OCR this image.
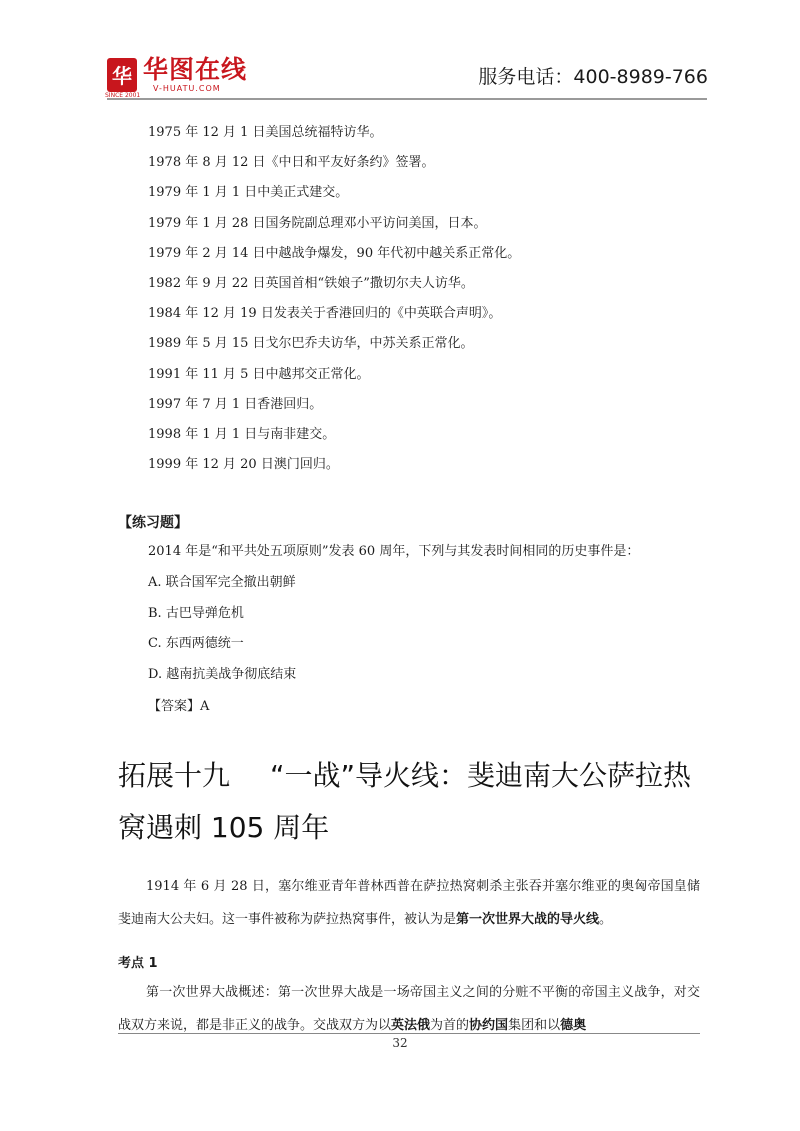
华
SINCE 2001
华图在线
V-HUATU.COM
服务电话：400-8989-766
1975 年 12 月 1 日美国总统福特访华。
1978 年 8 月 12 日《中日和平友好条约》签署。
1979 年 1 月 1 日中美正式建交。
1979 年 1 月 28 日国务院副总理邓小平访问美国，日本。
1979 年 2 月 14 日中越战争爆发，90 年代初中越关系正常化。
1982 年 9 月 22 日英国首相“铁娘子”撒切尔夫人访华。
1984 年 12 月 19 日发表关于香港回归的《中英联合声明》。
1989 年 5 月 15 日戈尔巴乔夫访华，中苏关系正常化。
1991 年 11 月 5 日中越邦交正常化。
1997 年 7 月 1 日香港回归。
1998 年 1 月 1 日与南非建交。
1999 年 12 月 20 日澳门回归。
【练习题】
2014 年是“和平共处五项原则”发表 60 周年，下列与其发表时间相同的历史事件是：
A. 联合国军完全撤出朝鲜
B. 古巴导弹危机
C. 东西两德统一
D. 越南抗美战争彻底结束
【答案】A
拓展十九 “一战”导火线：斐迪南大公萨拉热窝遇刺 105 周年
1914 年 6 月 28 日，塞尔维亚青年普林西普在萨拉热窝刺杀主张吞并塞尔维亚的奥匈帝国皇储斐迪南大公夫妇。这一事件被称为萨拉热窝事件，被认为是第一次世界大战的导火线。
考点 1
第一次世界大战概述：第一次世界大战是一场帝国主义之间的分赃不平衡的帝国主义战争，对交战双方来说，都是非正义的战争。交战双方为以英法俄为首的协约国集团和以德奥
32
